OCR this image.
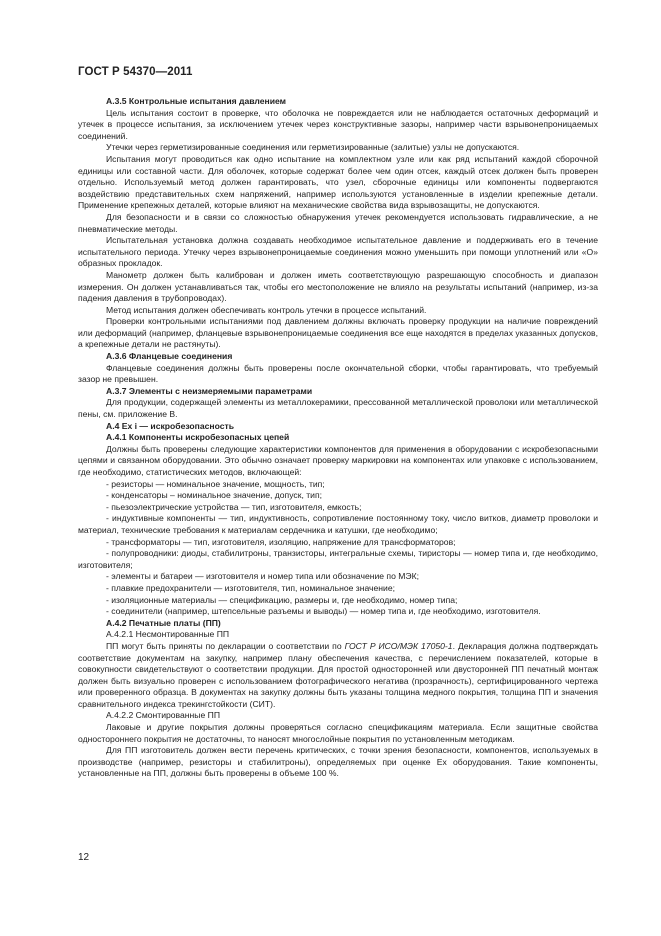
ГОСТ Р 54370—2011

А.3.5 Контрольные испытания давлением

Цель испытания состоит в проверке, что оболочка не повреждается или не наблюдается остаточных деформаций и утечек в процессе испытания, за исключением утечек через конструктивные зазоры, например части взрывонепроницаемых соединений.

Утечки через герметизированные соединения или герметизированные (залитые) узлы не допускаются.

Испытания могут проводиться как одно испытание на комплектном узле или как ряд испытаний каждой сборочной единицы или составной части. Для оболочек, которые содержат более чем один отсек, каждый отсек должен быть проверен отдельно. Используемый метод должен гарантировать, что узел, сборочные единицы или компоненты подвергаются воздействию представительных схем напряжений, например используются установленные в изделии крепежные детали. Применение крепежных деталей, которые влияют на механические свойства вида взрывозащиты, не допускаются.

Для безопасности и в связи со сложностью обнаружения утечек рекомендуется использовать гидравлические, а не пневматические методы.

Испытательная установка должна создавать необходимое испытательное давление и поддерживать его в течение испытательного периода. Утечку через взрывонепроницаемые соединения можно уменьшить при помощи уплотнений или «О» образных прокладок.

Манометр должен быть калиброван и должен иметь соответствующую разрешающую способность и диапазон измерения. Он должен устанавливаться так, чтобы его местоположение не влияло на результаты испытаний (например, из-за падения давления в трубопроводах).

Метод испытания должен обеспечивать контроль утечки в процессе испытаний.

Проверки контрольными испытаниями под давлением должны включать проверку продукции на наличие повреждений или деформаций (например, фланцевые взрывонепроницаемые соединения все еще находятся в пределах указанных допусков, а крепежные детали не растянуты).

А.3.6 Фланцевые соединения

Фланцевые соединения должны быть проверены после окончательной сборки, чтобы гарантировать, что требуемый зазор не превышен.

А.3.7 Элементы с неизмеряемыми параметрами

Для продукции, содержащей элементы из металлокерамики, прессованной металлической проволоки или металлической пены, см. приложение В.

А.4 Ex i — искробезопасность

А.4.1 Компоненты искробезопасных цепей

Должны быть проверены следующие характеристики компонентов для применения в оборудовании с искробезопасными цепями и связанном оборудовании. Это обычно означает проверку маркировки на компонентах или упаковке с использованием, где необходимо, статистических методов, включающей:

- резисторы — номинальное значение, мощность, тип;

- конденсаторы – номинальное значение, допуск, тип;

- пьезоэлектрические устройства — тип, изготовителя, емкость;

- индуктивные компоненты — тип, индуктивность, сопротивление постоянному току, число витков, диаметр проволоки и материал, технические требования к материалам сердечника и катушки, где необходимо;

- трансформаторы — тип, изготовителя, изоляцию, напряжение для трансформаторов;

- полупроводники: диоды, стабилитроны, транзисторы, интегральные схемы, тиристоры — номер типа и, где необходимо, изготовителя;

- элементы и батареи — изготовителя и номер типа или обозначение по МЭК;

- плавкие предохранители — изготовителя, тип, номинальное значение;

- изоляционные материалы — спецификацию, размеры и, где необходимо, номер типа;

- соединители (например, штепсельные разъемы и выводы) — номер типа и, где необходимо, изготовителя.

А.4.2 Печатные платы (ПП)

А.4.2.1 Несмонтированные ПП

ПП могут быть приняты по декларации о соответствии по ГОСТ Р ИСО/МЭК 17050-1. Декларация должна подтверждать соответствие документам на закупку, например плану обеспечения качества, с перечислением показателей, которые в совокупности свидетельствуют о соответствии продукции. Для простой односторонней или двусторонней ПП печатный монтаж должен быть визуально проверен с использованием фотографического негатива (прозрачность), сертифицированного чертежа или проверенного образца. В документах на закупку должны быть указаны толщина медного покрытия, толщина ПП и значения сравнительного индекса трекингстойкости (CИТ).

А.4.2.2 Смонтированные ПП

Лаковые и другие покрытия должны проверяться согласно спецификациям материала. Если защитные свойства одностороннего покрытия не достаточны, то наносят многослойные покрытия по установленным методикам.

Для ПП изготовитель должен вести перечень критических, с точки зрения безопасности, компонентов, используемых в производстве (например, резисторы и стабилитроны), определяемых при оценке Ex оборудования. Такие компоненты, установленные на ПП, должны быть проверены в объеме 100 %.

12
